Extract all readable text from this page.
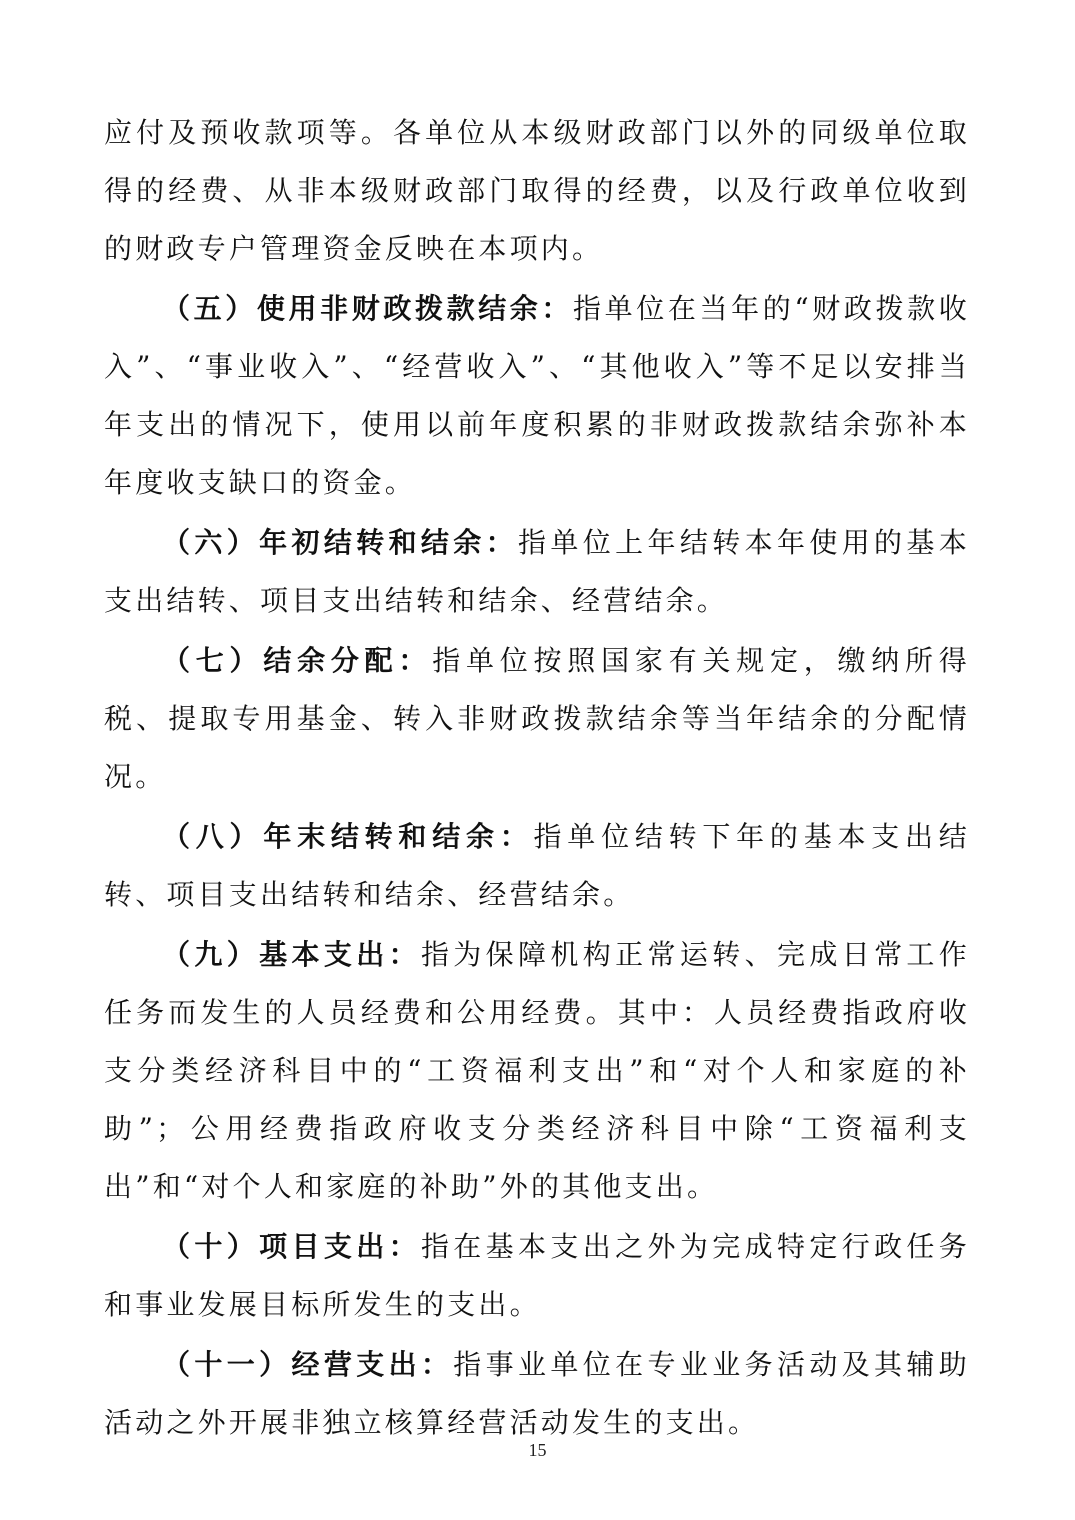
应付及预收款项等。各单位从本级财政部门以外的同级单位取得的经费、从非本级财政部门取得的经费，以及行政单位收到的财政专户管理资金反映在本项内。

（五）使用非财政拨款结余：指单位在当年的“财政拨款收入”、“事业收入”、“经营收入”、“其他收入”等不足以安排当年支出的情况下，使用以前年度积累的非财政拨款结余弥补本年度收支缺口的资金。

（六）年初结转和结余：指单位上年结转本年使用的基本支出结转、项目支出结转和结余、经营结余。

（七）结余分配：指单位按照国家有关规定，缴纳所得税、提取专用基金、转入非财政拨款结余等当年结余的分配情况。

（八）年末结转和结余：指单位结转下年的基本支出结转、项目支出结转和结余、经营结余。

（九）基本支出：指为保障机构正常运转、完成日常工作任务而发生的人员经费和公用经费。其中：人员经费指政府收支分类经济科目中的“工资福利支出”和“对个人和家庭的补助”；公用经费指政府收支分类经济科目中除“工资福利支出”和“对个人和家庭的补助”外的其他支出。

（十）项目支出：指在基本支出之外为完成特定行政任务和事业发展目标所发生的支出。

（十一）经营支出：指事业单位在专业业务活动及其辅助活动之外开展非独立核算经营活动发生的支出。

15
